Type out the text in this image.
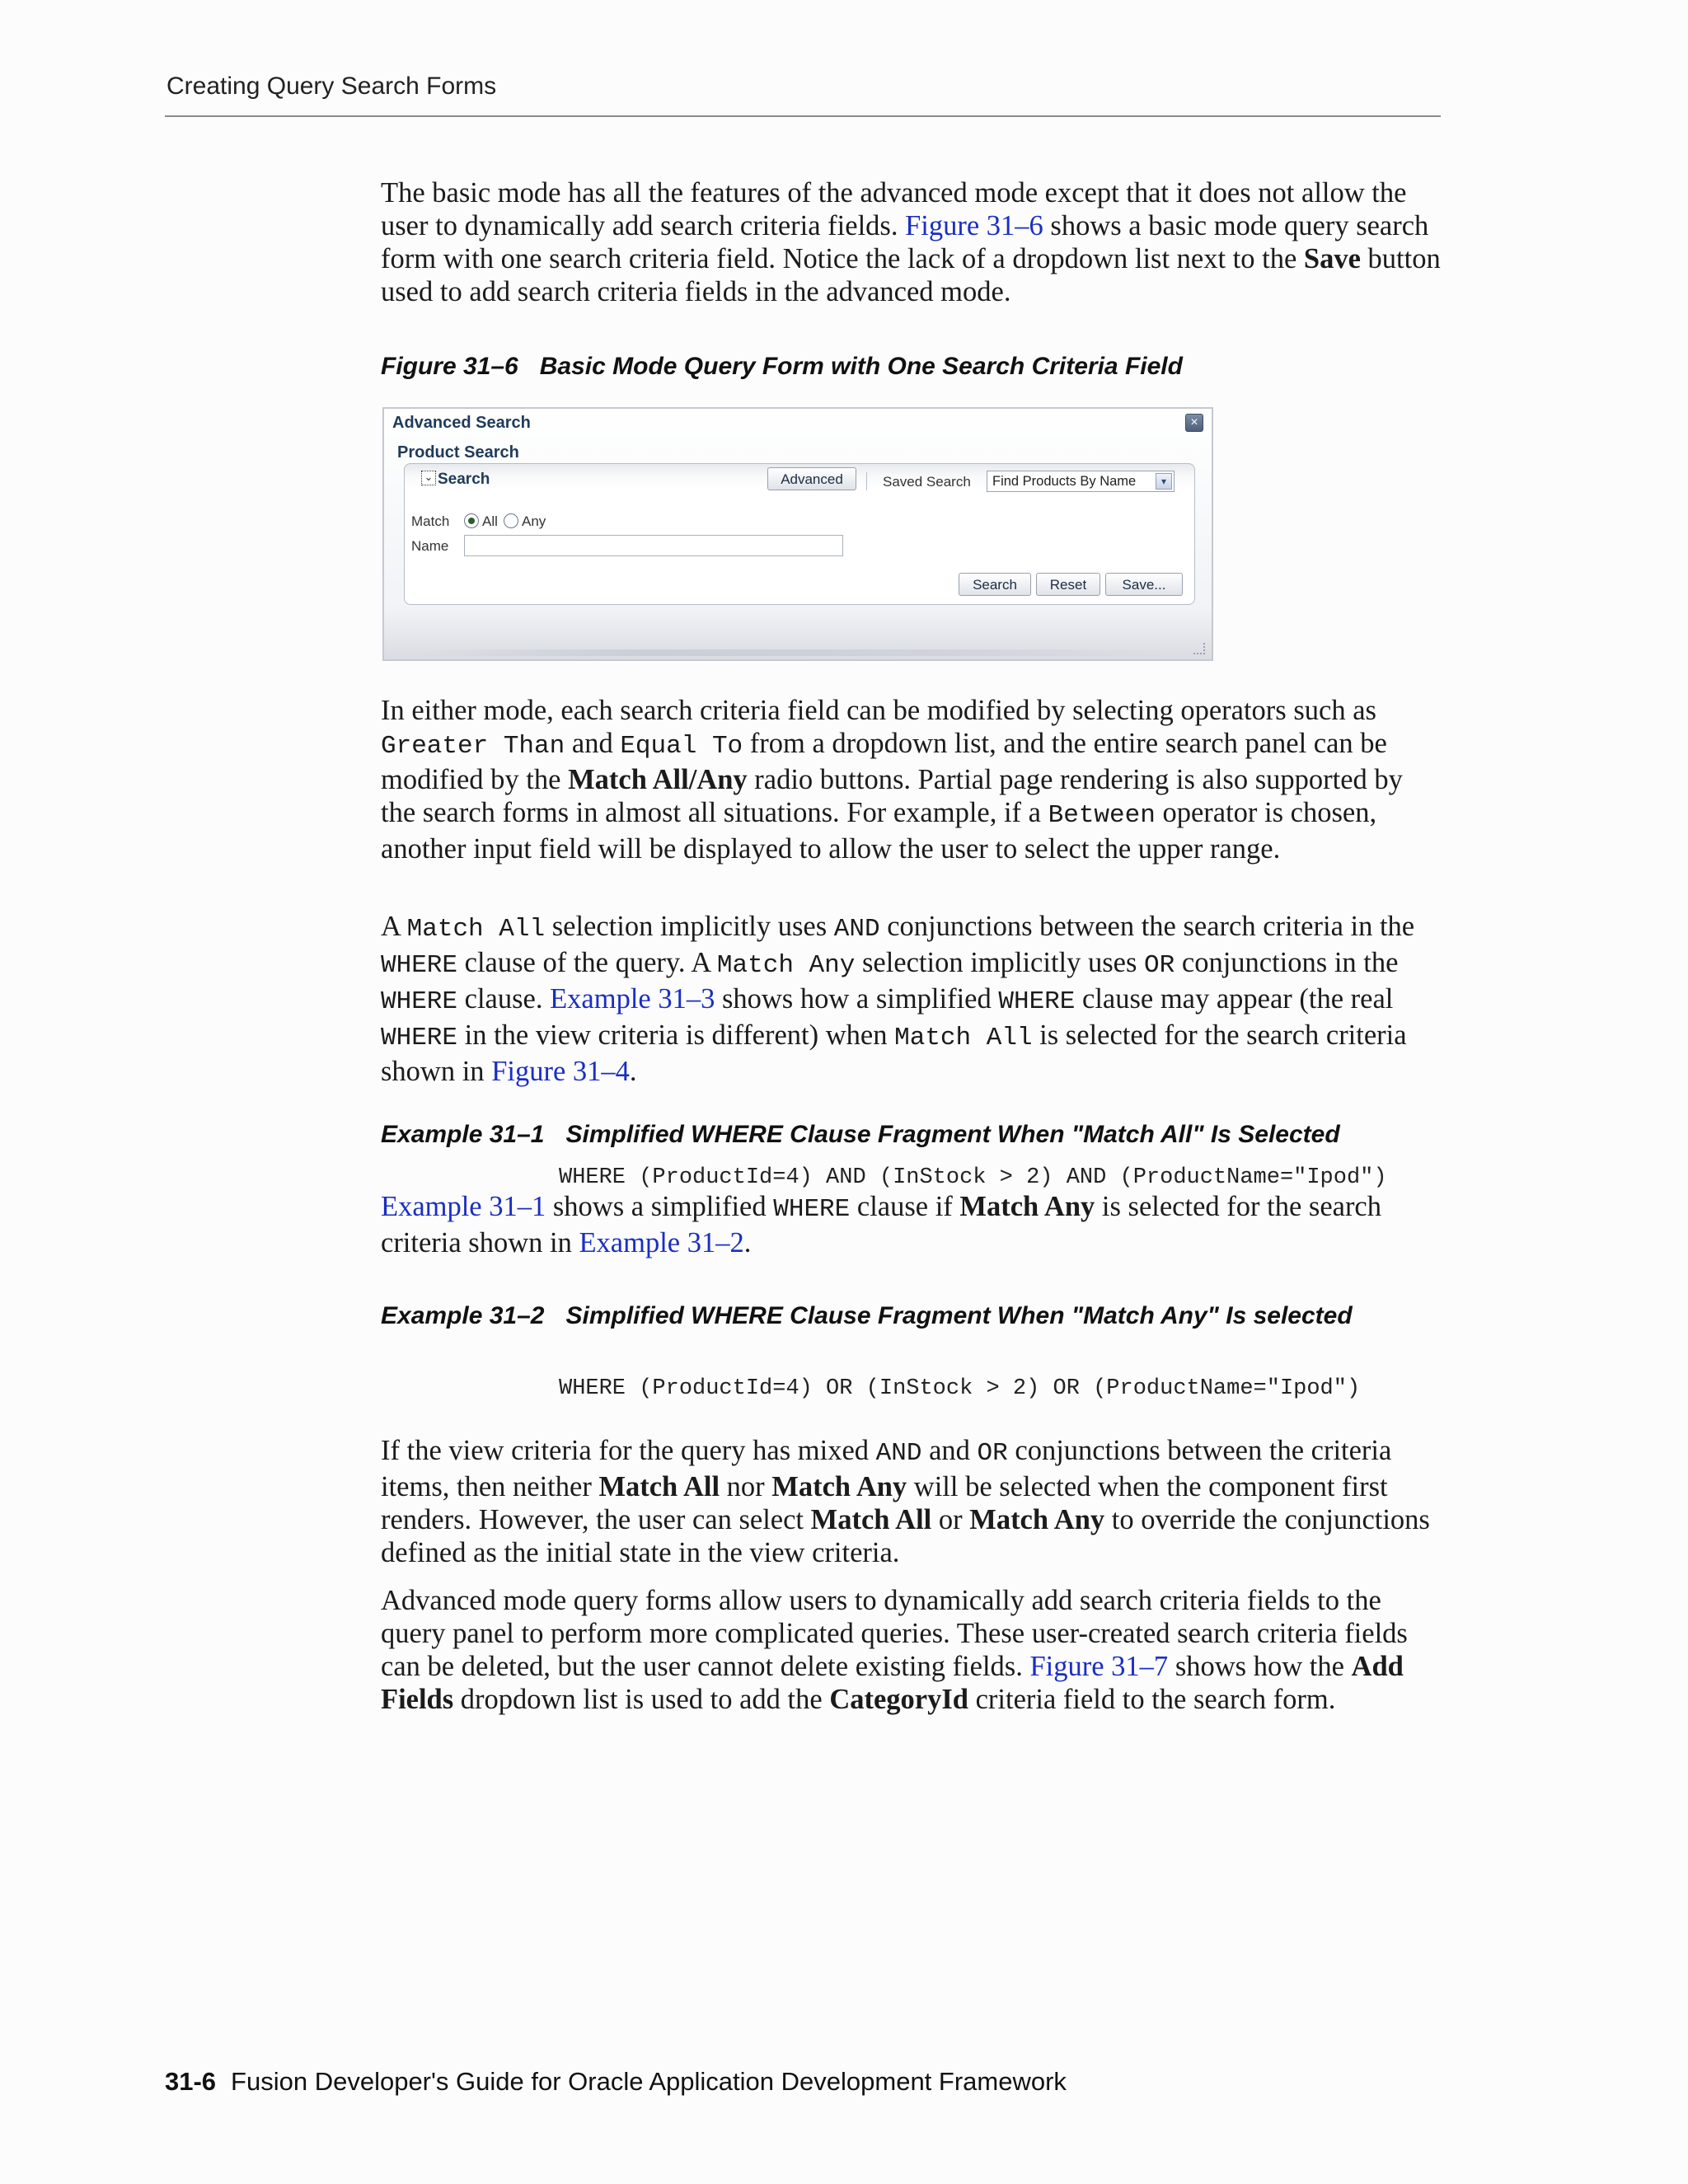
Creating Query Search Forms

The basic mode has all the features of the advanced mode except that it does not allow the user to dynamically add search criteria fields. Figure 31–6 shows a basic mode query search form with one search criteria field. Notice the lack of a dropdown list next to the Save button used to add search criteria fields in the advanced mode.

Figure 31–6 Basic Mode Query Form with One Search Criteria Field
Advanced Search	×
Product Search
⌄ Search	Advanced	Saved Search Find Products By Name	▾
Match All Any
Name
Search	Reset	Save...

In either mode, each search criteria field can be modified by selecting operators such as Greater Than and Equal To from a dropdown list, and the entire search panel can be modified by the Match All/Any radio buttons. Partial page rendering is also supported by the search forms in almost all situations. For example, if a Between operator is chosen, another input field will be displayed to allow the user to select the upper range.

A Match All selection implicitly uses AND conjunctions between the search criteria in the WHERE clause of the query. A Match Any selection implicitly uses OR conjunctions in the WHERE clause. Example 31–3 shows how a simplified WHERE clause may appear (the real WHERE in the view criteria is different) when Match All is selected for the search criteria shown in Figure 31–4.

Example 31–1 Simplified WHERE Clause Fragment When "Match All" Is Selected
WHERE (ProductId=4) AND (InStock > 2) AND (ProductName="Ipod")

Example 31–1 shows a simplified WHERE clause if Match Any is selected for the search criteria shown in Example 31–2.

Example 31–2 Simplified WHERE Clause Fragment When "Match Any" Is selected
WHERE (ProductId=4) OR (InStock > 2) OR (ProductName="Ipod")

If the view criteria for the query has mixed AND and OR conjunctions between the criteria items, then neither Match All nor Match Any will be selected when the component first renders. However, the user can select Match All or Match Any to override the conjunctions defined as the initial state in the view criteria.

Advanced mode query forms allow users to dynamically add search criteria fields to the query panel to perform more complicated queries. These user-created search criteria fields can be deleted, but the user cannot delete existing fields. Figure 31–7 shows how the Add Fields dropdown list is used to add the CategoryId criteria field to the search form.

31-6 Fusion Developer's Guide for Oracle Application Development Framework
